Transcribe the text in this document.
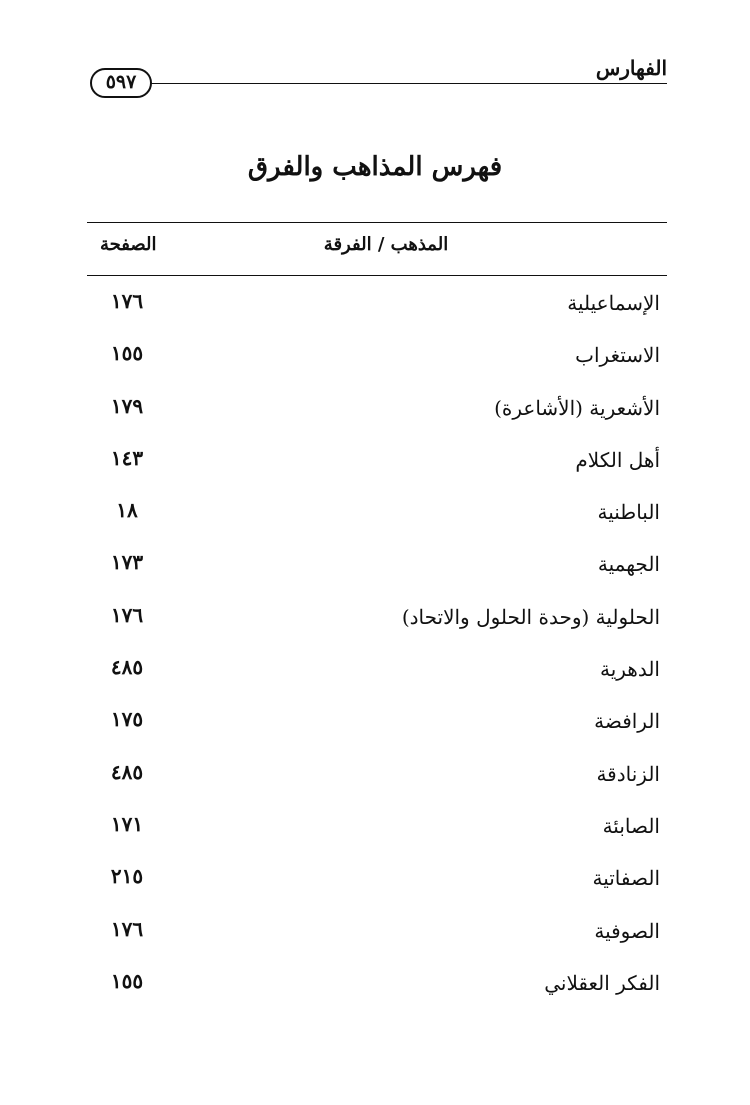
الفهارس
٥٩٧
فهرس المذاهب والفرق
المذهب / الفرقة
الصفحة
الإسماعيلية
١٧٦
الاستغراب
١٥٥
الأشعرية (الأشاعرة)
١٧٩
أهل الكلام
١٤٣
الباطنية
١٨
الجهمية
١٧٣
الحلولية (وحدة الحلول والاتحاد)
١٧٦
الدهرية
٤٨٥
الرافضة
١٧٥
الزنادقة
٤٨٥
الصابئة
١٧١
الصفاتية
٢١٥
الصوفية
١٧٦
الفكر العقلاني
١٥٥
